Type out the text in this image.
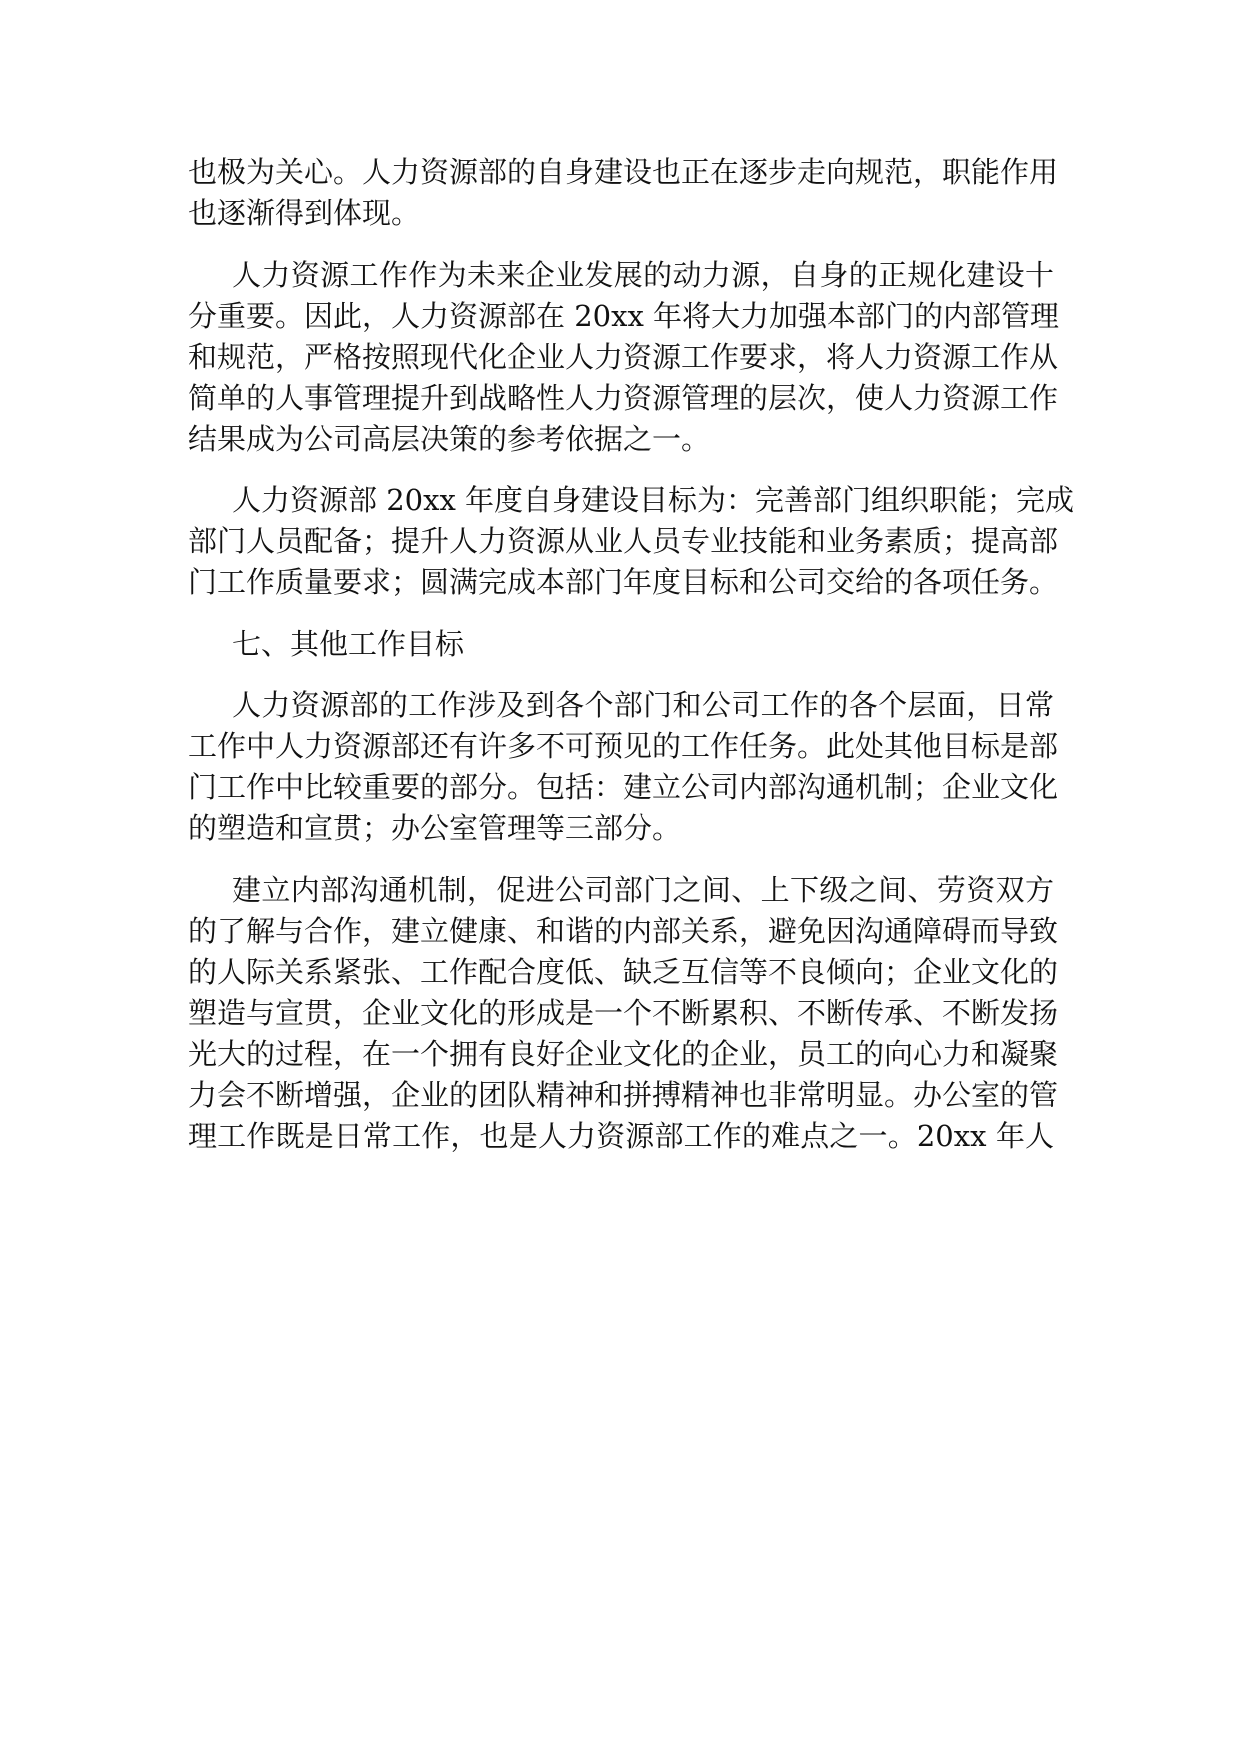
也极为关心。人力资源部的自身建设也正在逐步走向规范，职能作用

也逐渐得到体现。

人力资源工作作为未来企业发展的动力源，自身的正规化建设十

分重要。因此，人力资源部在 20xx 年将大力加强本部门的内部管理

和规范，严格按照现代化企业人力资源工作要求，将人力资源工作从

简单的人事管理提升到战略性人力资源管理的层次，使人力资源工作

结果成为公司高层决策的参考依据之一。

人力资源部 20xx 年度自身建设目标为：完善部门组织职能；完成

部门人员配备；提升人力资源从业人员专业技能和业务素质；提高部

门工作质量要求；圆满完成本部门年度目标和公司交给的各项任务。

七、其他工作目标

人力资源部的工作涉及到各个部门和公司工作的各个层面，日常

工作中人力资源部还有许多不可预见的工作任务。此处其他目标是部

门工作中比较重要的部分。包括：建立公司内部沟通机制；企业文化

的塑造和宣贯；办公室管理等三部分。

建立内部沟通机制，促进公司部门之间、上下级之间、劳资双方

的了解与合作，建立健康、和谐的内部关系，避免因沟通障碍而导致

的人际关系紧张、工作配合度低、缺乏互信等不良倾向；企业文化的

塑造与宣贯，企业文化的形成是一个不断累积、不断传承、不断发扬

光大的过程，在一个拥有良好企业文化的企业，员工的向心力和凝聚

力会不断增强，企业的团队精神和拼搏精神也非常明显。办公室的管

理工作既是日常工作，也是人力资源部工作的难点之一。20xx 年人
